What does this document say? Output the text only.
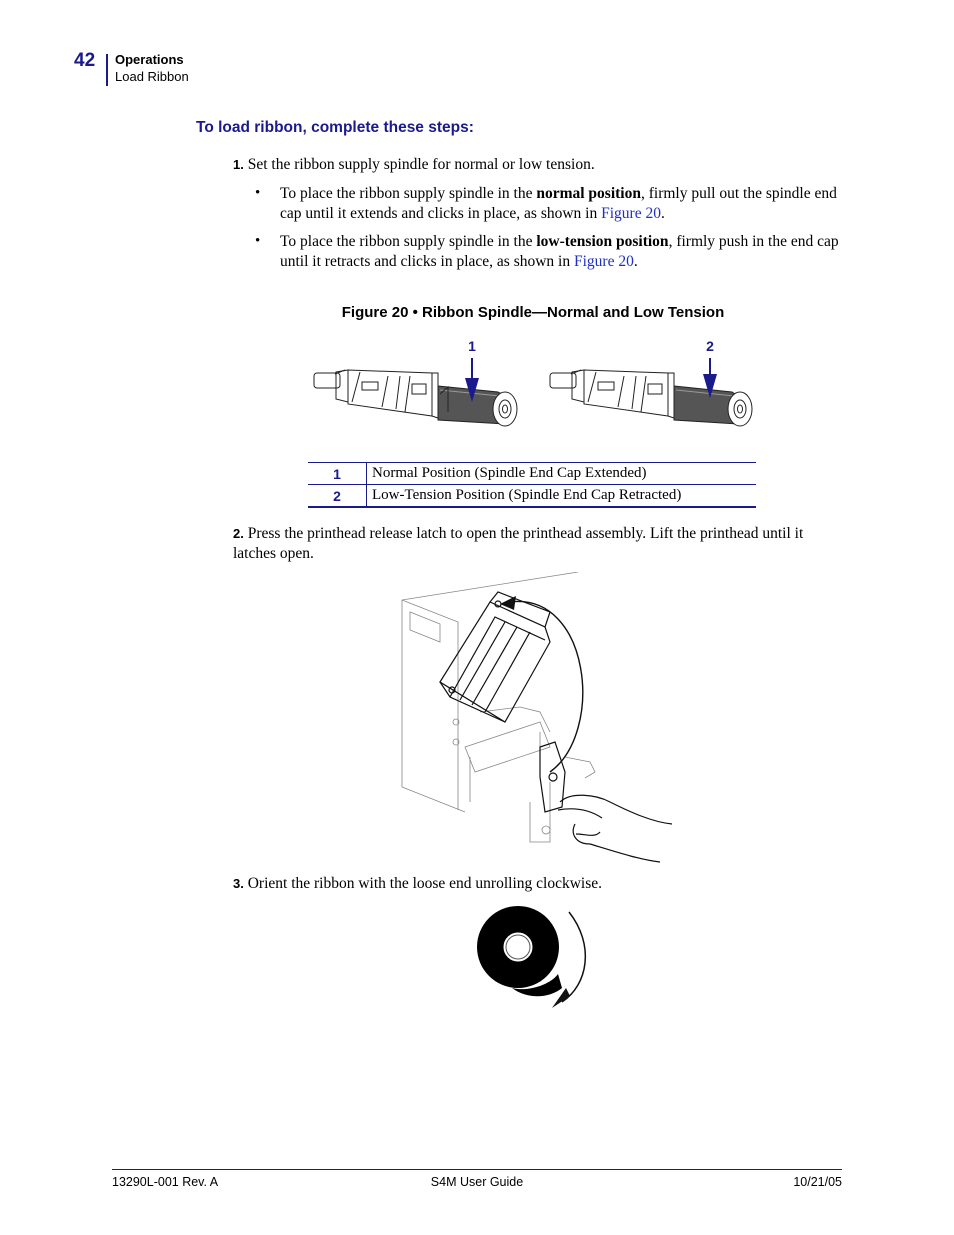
42 Operations
Load Ribbon
To load ribbon, complete these steps:
1. Set the ribbon supply spindle for normal or low tension.
• To place the ribbon supply spindle in the normal position, firmly pull out the spindle end cap until it extends and clicks in place, as shown in Figure 20.
• To place the ribbon supply spindle in the low-tension position, firmly push in the end cap until it retracts and clicks in place, as shown in Figure 20.
Figure 20 • Ribbon Spindle—Normal and Low Tension
1	2
1	Normal Position (Spindle End Cap Extended)
2	Low-Tension Position (Spindle End Cap Retracted)
2. Press the printhead release latch to open the printhead assembly. Lift the printhead until it latches open.
3. Orient the ribbon with the loose end unrolling clockwise.
13290L-001 Rev. A	S4M User Guide	10/21/05
